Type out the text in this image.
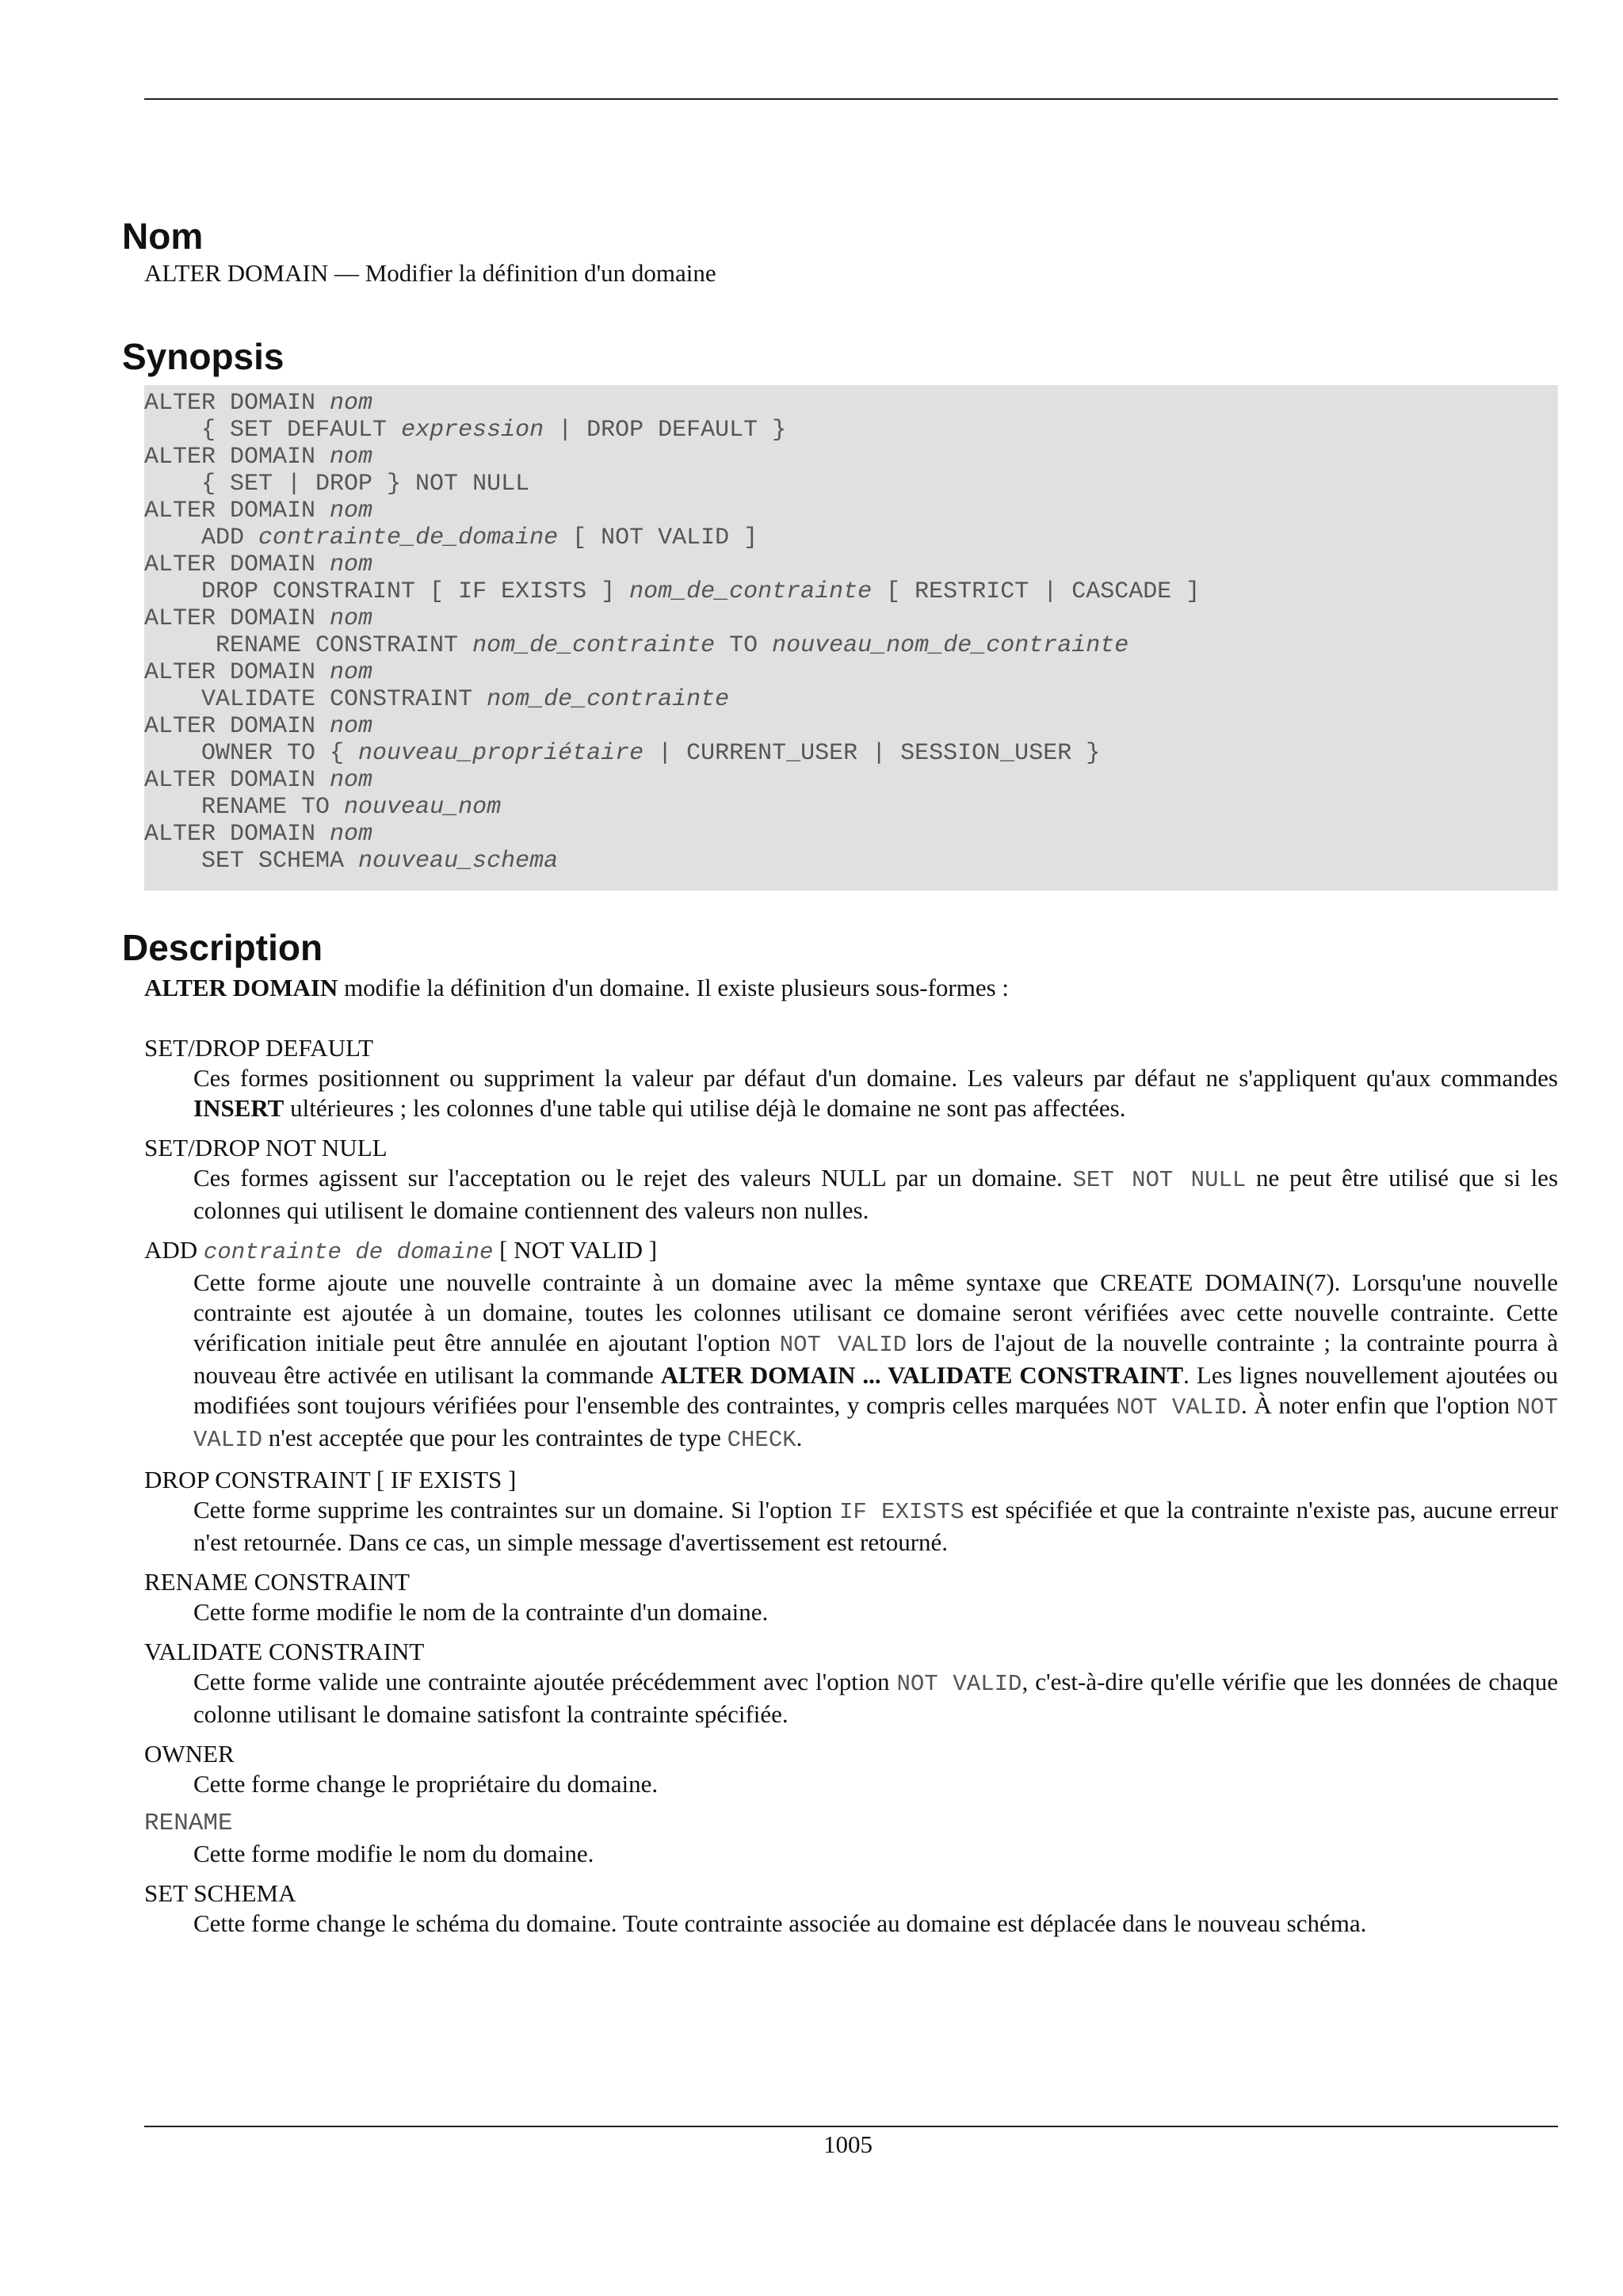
Nom
ALTER DOMAIN — Modifier la définition d'un domaine
Synopsis
ALTER DOMAIN nom
{ SET DEFAULT expression | DROP DEFAULT }
ALTER DOMAIN nom
{ SET | DROP } NOT NULL
ALTER DOMAIN nom
ADD contrainte_de_domaine [ NOT VALID ]
ALTER DOMAIN nom
DROP CONSTRAINT [ IF EXISTS ] nom_de_contrainte [ RESTRICT | CASCADE ]
ALTER DOMAIN nom
RENAME CONSTRAINT nom_de_contrainte TO nouveau_nom_de_contrainte
ALTER DOMAIN nom
VALIDATE CONSTRAINT nom_de_contrainte
ALTER DOMAIN nom
OWNER TO { nouveau_propriétaire | CURRENT_USER | SESSION_USER }
ALTER DOMAIN nom
RENAME TO nouveau_nom
ALTER DOMAIN nom
SET SCHEMA nouveau_schema
Description
ALTER DOMAIN modifie la définition d'un domaine. Il existe plusieurs sous-formes :
SET/DROP DEFAULT
Ces formes positionnent ou suppriment la valeur par défaut d'un domaine. Les valeurs par défaut ne s'appliquent qu'aux commandes INSERT ultérieures ; les colonnes d'une table qui utilise déjà le domaine ne sont pas affectées.
SET/DROP NOT NULL
Ces formes agissent sur l'acceptation ou le rejet des valeurs NULL par un domaine. SET NOT NULL ne peut être utilisé que si les colonnes qui utilisent le domaine contiennent des valeurs non nulles.
ADD contrainte de domaine [ NOT VALID ]
Cette forme ajoute une nouvelle contrainte à un domaine avec la même syntaxe que CREATE DOMAIN(7). Lorsqu'une nouvelle contrainte est ajoutée à un domaine, toutes les colonnes utilisant ce domaine seront vérifiées avec cette nouvelle contrainte. Cette vérification initiale peut être annulée en ajoutant l'option NOT VALID lors de l'ajout de la nouvelle contrainte ; la contrainte pourra à nouveau être activée en utilisant la commande ALTER DOMAIN ... VALIDATE CONSTRAINT. Les lignes nouvellement ajoutées ou modifiées sont toujours vérifiées pour l'ensemble des contraintes, y compris celles marquées NOT VALID. À noter enfin que l'option NOT VALID n'est acceptée que pour les contraintes de type CHECK.
DROP CONSTRAINT [ IF EXISTS ]
Cette forme supprime les contraintes sur un domaine. Si l'option IF EXISTS est spécifiée et que la contrainte n'existe pas, aucune erreur n'est retournée. Dans ce cas, un simple message d'avertissement est retourné.
RENAME CONSTRAINT
Cette forme modifie le nom de la contrainte d'un domaine.
VALIDATE CONSTRAINT
Cette forme valide une contrainte ajoutée précédemment avec l'option NOT VALID, c'est-à-dire qu'elle vérifie que les données de chaque colonne utilisant le domaine satisfont la contrainte spécifiée.
OWNER
Cette forme change le propriétaire du domaine.
RENAME
Cette forme modifie le nom du domaine.
SET SCHEMA
Cette forme change le schéma du domaine. Toute contrainte associée au domaine est déplacée dans le nouveau schéma.
1005
